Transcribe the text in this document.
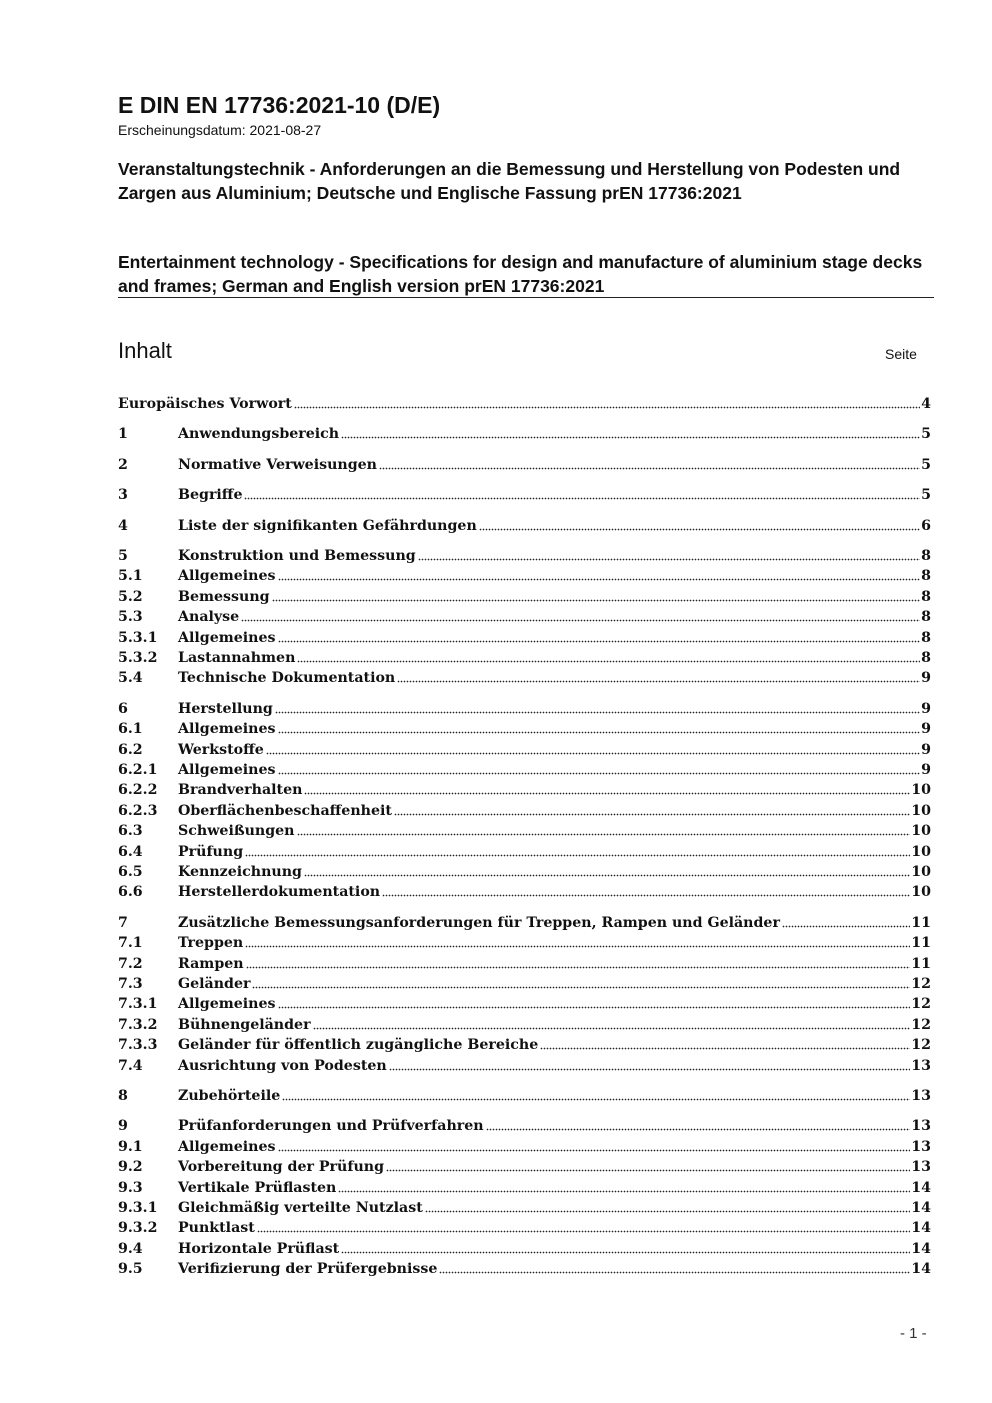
E DIN EN 17736:2021-10 (D/E)
Erscheinungsdatum: 2021-08-27
Veranstaltungstechnik - Anforderungen an die Bemessung und Herstellung von Podesten und Zargen aus Aluminium; Deutsche und Englische Fassung prEN 17736:2021
Entertainment technology - Specifications for design and manufacture of aluminium stage decks and frames; German and English version prEN 17736:2021
Inhalt	Seite
Europäisches Vorwort	4
1	Anwendungsbereich	5
2	Normative Verweisungen	5
3	Begriffe	5
4	Liste der signifikanten Gefährdungen	6
5	Konstruktion und Bemessung	8
5.1	Allgemeines	8
5.2	Bemessung	8
5.3	Analyse	8
5.3.1	Allgemeines	8
5.3.2	Lastannahmen	8
5.4	Technische Dokumentation	9
6	Herstellung	9
6.1	Allgemeines	9
6.2	Werkstoffe	9
6.2.1	Allgemeines	9
6.2.2	Brandverhalten	10
6.2.3	Oberflächenbeschaffenheit	10
6.3	Schweißungen	10
6.4	Prüfung	10
6.5	Kennzeichnung	10
6.6	Herstellerdokumentation	10
7	Zusätzliche Bemessungsanforderungen für Treppen, Rampen und Geländer	11
7.1	Treppen	11
7.2	Rampen	11
7.3	Geländer	12
7.3.1	Allgemeines	12
7.3.2	Bühnengeländer	12
7.3.3	Geländer für öffentlich zugängliche Bereiche	12
7.4	Ausrichtung von Podesten	13
8	Zubehörteile	13
9	Prüfanforderungen und Prüfverfahren	13
9.1	Allgemeines	13
9.2	Vorbereitung der Prüfung	13
9.3	Vertikale Prüflasten	14
9.3.1	Gleichmäßig verteilte Nutzlast	14
9.3.2	Punktlast	14
9.4	Horizontale Prüflast	14
9.5	Verifizierung der Prüfergebnisse	14
- 1 -
